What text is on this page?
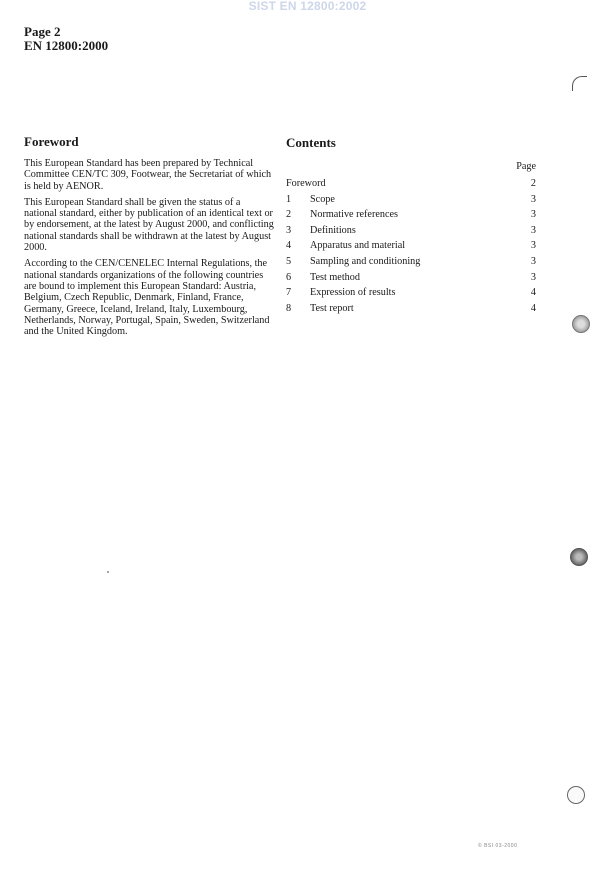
SIST EN 12800:2002
Page 2
EN 12800:2000
Foreword

This European Standard has been prepared by Technical Committee CEN/TC 309, Footwear, the Secretariat of which is held by AENOR.

This European Standard shall be given the status of a national standard, either by publication of an identical text or by endorsement, at the latest by August 2000, and conflicting national standards shall be withdrawn at the latest by August 2000.

According to the CEN/CENELEC Internal Regulations, the national standards organizations of the following countries are bound to implement this European Standard: Austria, Belgium, Czech Republic, Denmark, Finland, France, Germany, Greece, Iceland, Ireland, Italy, Luxembourg, Netherlands, Norway, Portugal, Spain, Sweden, Switzerland and the United Kingdom.

Contents
Page
Foreword	2
1 Scope	3
2 Normative references	3
3 Definitions	3
4 Apparatus and material	3
5 Sampling and conditioning	3
6 Test method	3
7 Expression of results	4
8 Test report	4
© BSI 03-2000
